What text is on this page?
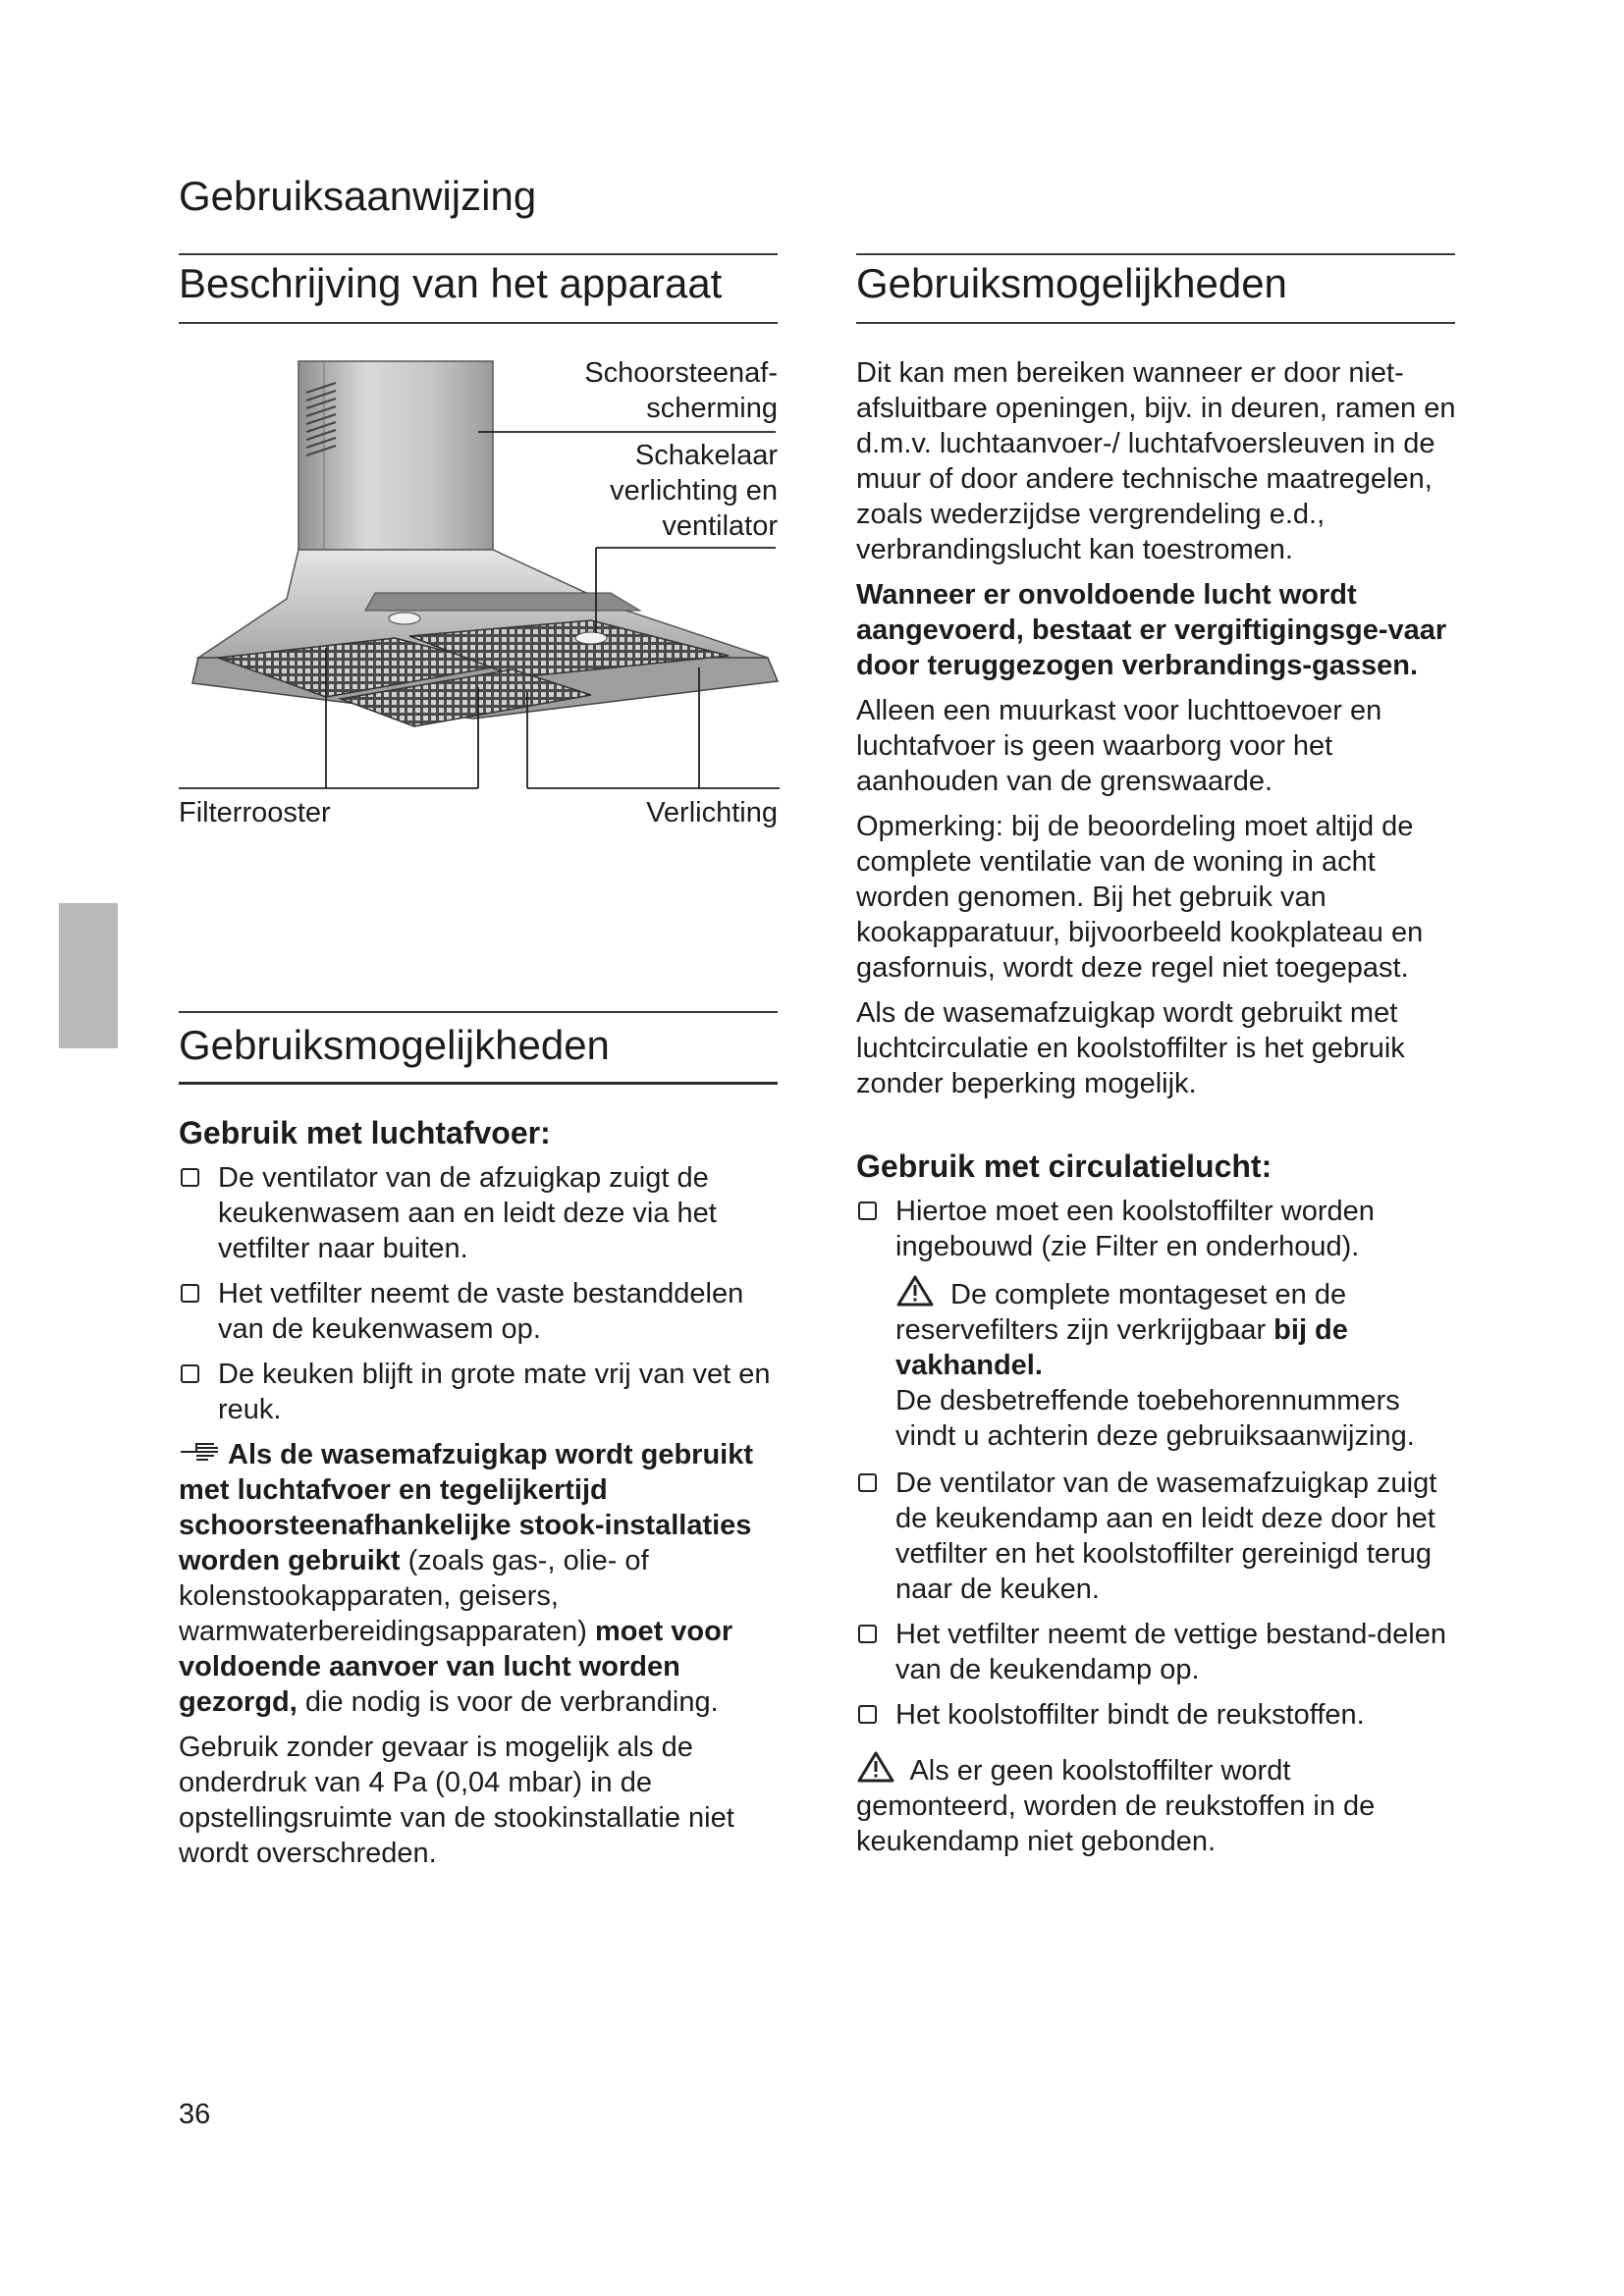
Gebruiksaanwijzing
Beschrijving van het apparaat
Schoorsteenaf-
scherming
Schakelaar
verlichting en
ventilator
Filterrooster	Verlichting
Gebruiksmogelijkheden
Gebruik met luchtafvoer:
De ventilator van de afzuigkap zuigt de keukenwasem aan en leidt deze via het vetfilter naar buiten.
Het vetfilter neemt de vaste bestanddelen van de keukenwasem op.
De keuken blijft in grote mate vrij van vet en reuk.

Als de wasemafzuigkap wordt gebruikt met luchtafvoer en tegelijkertijd schoorsteenafhankelijke stook-installaties worden gebruikt (zoals gas-, olie- of kolenstookapparaten, geisers, warmwaterbereidingsapparaten) moet voor voldoende aanvoer van lucht worden gezorgd, die nodig is voor de verbranding.

Gebruik zonder gevaar is mogelijk als de onderdruk van 4 Pa (0,04 mbar) in de opstellingsruimte van de stookinstallatie niet wordt overschreden.

Gebruiksmogelijkheden

Dit kan men bereiken wanneer er door niet-afsluitbare openingen, bijv. in deuren, ramen en d.m.v. luchtaanvoer-/ luchtafvoersleuven in de muur of door andere technische maatregelen, zoals wederzijdse vergrendeling e.d., verbrandingslucht kan toestromen.

Wanneer er onvoldoende lucht wordt aangevoerd, bestaat er vergiftigingsge-vaar door teruggezogen verbrandings-gassen.

Alleen een muurkast voor luchttoevoer en luchtafvoer is geen waarborg voor het aanhouden van de grenswaarde.

Opmerking: bij de beoordeling moet altijd de complete ventilatie van de woning in acht worden genomen. Bij het gebruik van kookapparatuur, bijvoorbeeld kookplateau en gasfornuis, wordt deze regel niet toegepast.

Als de wasemafzuigkap wordt gebruikt met luchtcirculatie en koolstoffilter is het gebruik zonder beperking mogelijk.

Gebruik met circulatielucht:
Hiertoe moet een koolstoffilter worden ingebouwd (zie Filter en onderhoud).
De complete montageset en de reservefilters zijn verkrijgbaar bij de vakhandel.
De desbetreffende toebehorennummers vindt u achterin deze gebruiksaanwijzing.
De ventilator van de wasemafzuigkap zuigt de keukendamp aan en leidt deze door het vetfilter en het koolstoffilter gereinigd terug naar de keuken.
Het vetfilter neemt de vettige bestand-delen van de keukendamp op.
Het koolstoffilter bindt de reukstoffen.

Als er geen koolstoffilter wordt gemonteerd, worden de reukstoffen in de keukendamp niet gebonden.

36
